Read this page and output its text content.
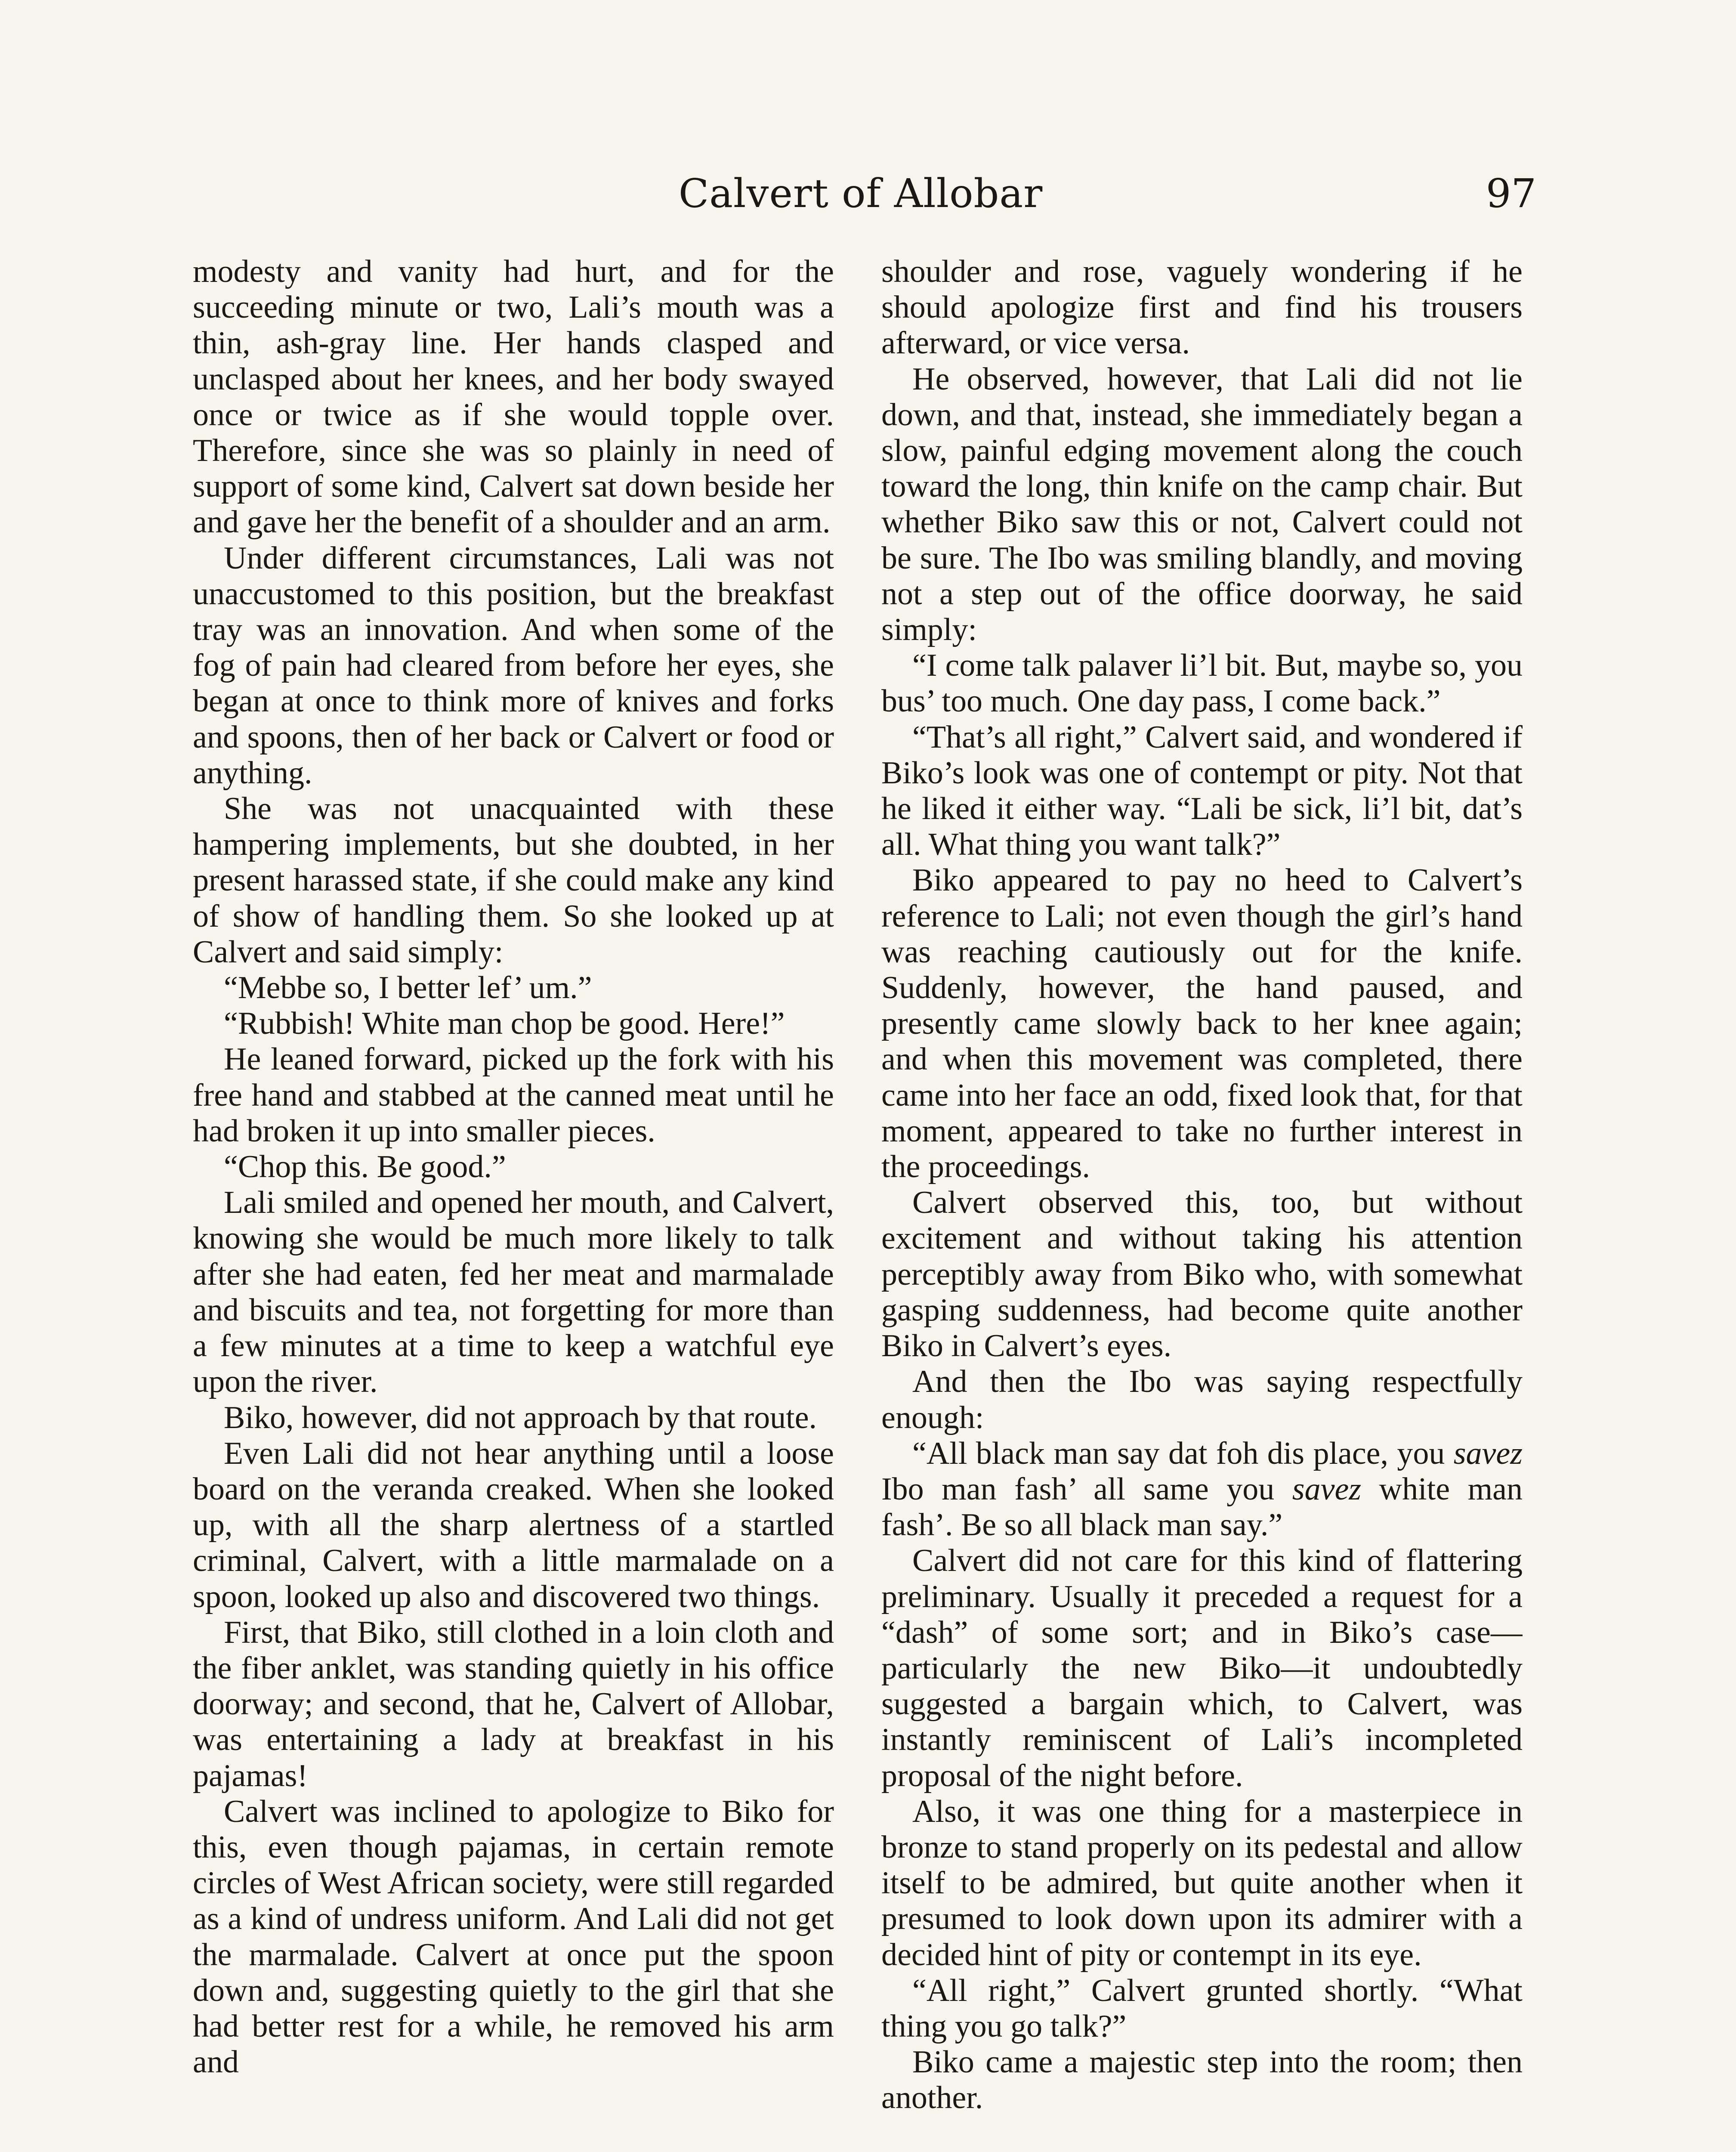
Calvert of Allobar	97

modesty and vanity had hurt, and for the succeeding minute or two, Lali’s mouth was a thin, ash-gray line. Her hands clasped and unclasped about her knees, and her body swayed once or twice as if she would topple over. Therefore, since she was so plainly in need of support of some kind, Calvert sat down beside her and gave her the benefit of a shoulder and an arm.

Under different circumstances, Lali was not unaccustomed to this position, but the breakfast tray was an innovation. And when some of the fog of pain had cleared from before her eyes, she began at once to think more of knives and forks and spoons, then of her back or Calvert or food or anything.

She was not unacquainted with these hampering implements, but she doubted, in her present harassed state, if she could make any kind of show of handling them. So she looked up at Calvert and said simply:

“Mebbe so, I better lef’ um.”

“Rubbish! White man chop be good. Here!”

He leaned forward, picked up the fork with his free hand and stabbed at the canned meat until he had broken it up into smaller pieces.

“Chop this. Be good.”

Lali smiled and opened her mouth, and Calvert, knowing she would be much more likely to talk after she had eaten, fed her meat and marmalade and biscuits and tea, not forgetting for more than a few minutes at a time to keep a watchful eye upon the river.

Biko, however, did not approach by that route.

Even Lali did not hear anything until a loose board on the veranda creaked. When she looked up, with all the sharp alertness of a startled criminal, Calvert, with a little marmalade on a spoon, looked up also and discovered two things.

First, that Biko, still clothed in a loin cloth and the fiber anklet, was standing quietly in his office doorway; and second, that he, Calvert of Allobar, was entertaining a lady at breakfast in his pajamas!

Calvert was inclined to apologize to Biko for this, even though pajamas, in certain remote circles of West African society, were still regarded as a kind of undress uniform. And Lali did not get the marmalade. Calvert at once put the spoon down and, suggesting quietly to the girl that she had better rest for a while, he removed his arm and

shoulder and rose, vaguely wondering if he should apologize first and find his trousers afterward, or vice versa.

He observed, however, that Lali did not lie down, and that, instead, she immediately began a slow, painful edging movement along the couch toward the long, thin knife on the camp chair. But whether Biko saw this or not, Calvert could not be sure. The Ibo was smiling blandly, and moving not a step out of the office doorway, he said simply:

“I come talk palaver li’l bit. But, maybe so, you bus’ too much. One day pass, I come back.”

“That’s all right,” Calvert said, and wondered if Biko’s look was one of contempt or pity. Not that he liked it either way. “Lali be sick, li’l bit, dat’s all. What thing you want talk?”

Biko appeared to pay no heed to Calvert’s reference to Lali; not even though the girl’s hand was reaching cautiously out for the knife. Suddenly, however, the hand paused, and presently came slowly back to her knee again; and when this movement was completed, there came into her face an odd, fixed look that, for that moment, appeared to take no further interest in the proceedings.

Calvert observed this, too, but without excitement and without taking his attention perceptibly away from Biko who, with somewhat gasping suddenness, had become quite another Biko in Calvert’s eyes.

And then the Ibo was saying respectfully enough:

“All black man say dat foh dis place, you savez Ibo man fash’ all same you savez white man fash’. Be so all black man say.”

Calvert did not care for this kind of flattering preliminary. Usually it preceded a request for a “dash” of some sort; and in Biko’s case—particularly the new Biko—it undoubtedly suggested a bargain which, to Calvert, was instantly reminiscent of Lali’s incompleted proposal of the night before.

Also, it was one thing for a masterpiece in bronze to stand properly on its pedestal and allow itself to be admired, but quite another when it presumed to look down upon its admirer with a decided hint of pity or contempt in its eye.

“All right,” Calvert grunted shortly. “What thing you go talk?”

Biko came a majestic step into the room; then another.
